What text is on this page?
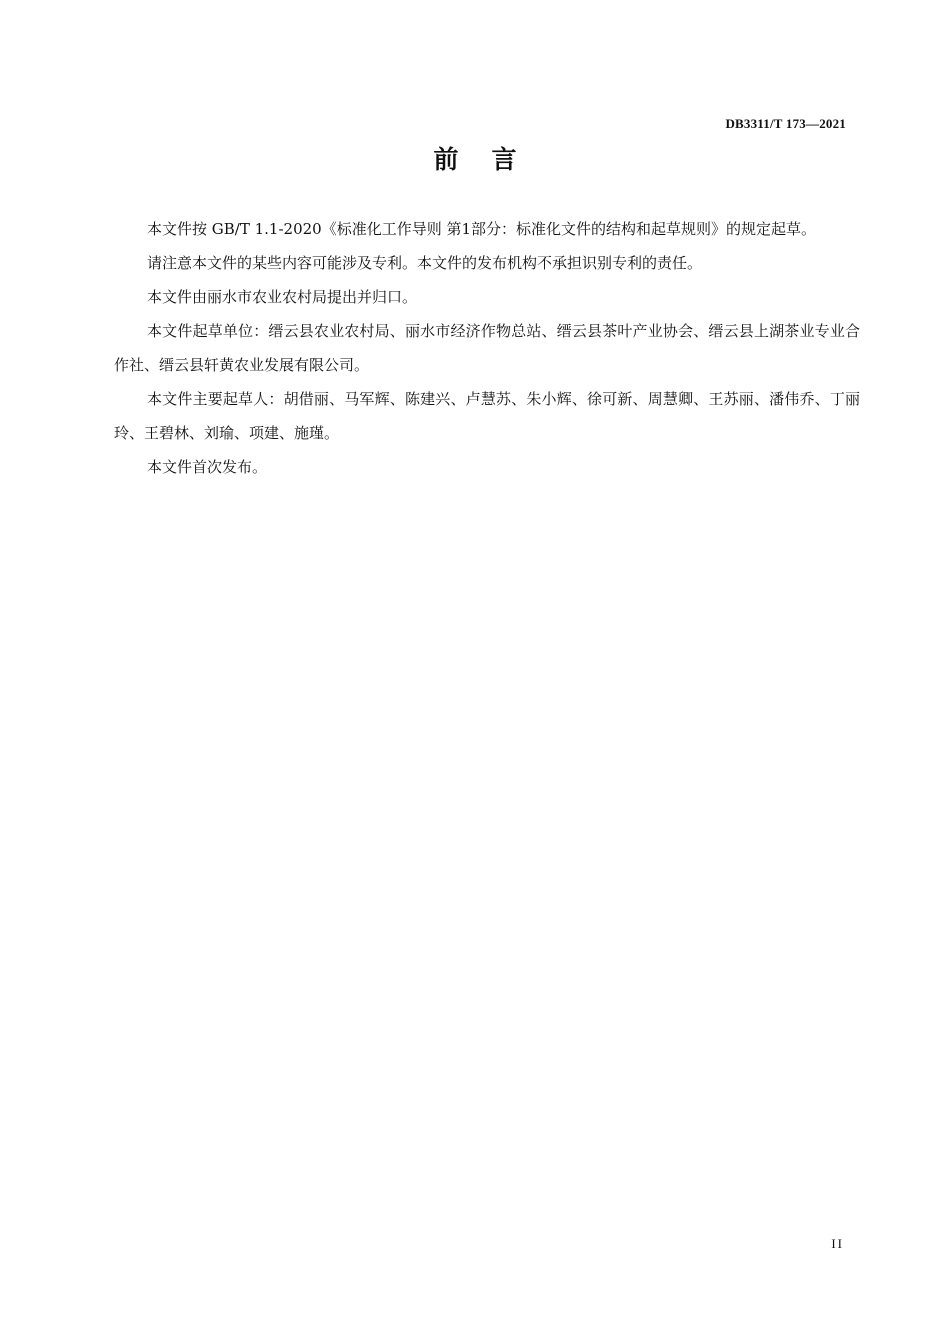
DB3311/T 173—2021
前言

本文件按 GB/T 1.1-2020《标准化工作导则 第1部分：标准化文件的结构和起草规则》的规定起草。

请注意本文件的某些内容可能涉及专利。本文件的发布机构不承担识别专利的责任。

本文件由丽水市农业农村局提出并归口。

本文件起草单位：缙云县农业农村局、丽水市经济作物总站、缙云县茶叶产业协会、缙云县上湖茶业专业合作社、缙云县轩黄农业发展有限公司。

本文件主要起草人：胡借丽、马军辉、陈建兴、卢慧苏、朱小辉、徐可新、周慧卿、王苏丽、潘伟乔、丁丽玲、王碧林、刘瑜、项建、施瑾。

本文件首次发布。

II
